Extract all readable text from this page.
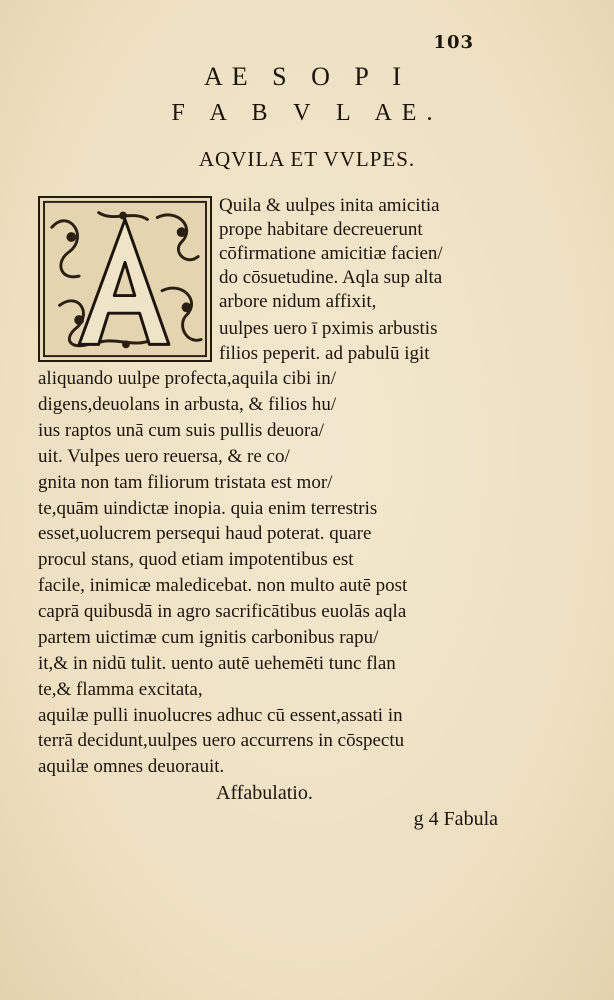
103
AE S O P I
F A B V L AE.
AQVILA ET VVLPES.
Quila & uulpes inita amicitia
prope habitare decreuerunt
cōfirmatione amicitiæ facien/
do cōsuetudine. Aqla sup alta
arbore nidum affixit,
uulpes uero ī pximis arbustis
filios peperit. ad pabulū igit
aliquando uulpe profecta,aquila cibi in/
digens,deuolans in arbusta, & filios hu/
ius raptos unā cum suis pullis deuora/
uit. Vulpes uero reuersa, & re co/
gnita non tam filiorum tristata est mor/
te,quām uindictæ inopia. quia enim terrestris
esset,uolucrem persequi haud poterat. quare
procul stans, quod etiam impotentibus est
facile, inimicæ maledicebat. non multo autē post
caprā quibusdā in agro sacrificātibus euolās aqla
partem uictimæ cum ignitis carbonibus rapu/
it,& in nidū tulit. uento autē uehemēti tunc flan
te,& flamma excitata,
aquilæ pulli inuolucres adhuc cū essent,assati in
terrā decidunt,uulpes uero accurrens in cōspectu
aquilæ omnes deuorauit.
Affabulatio.
g 4 Fabula
